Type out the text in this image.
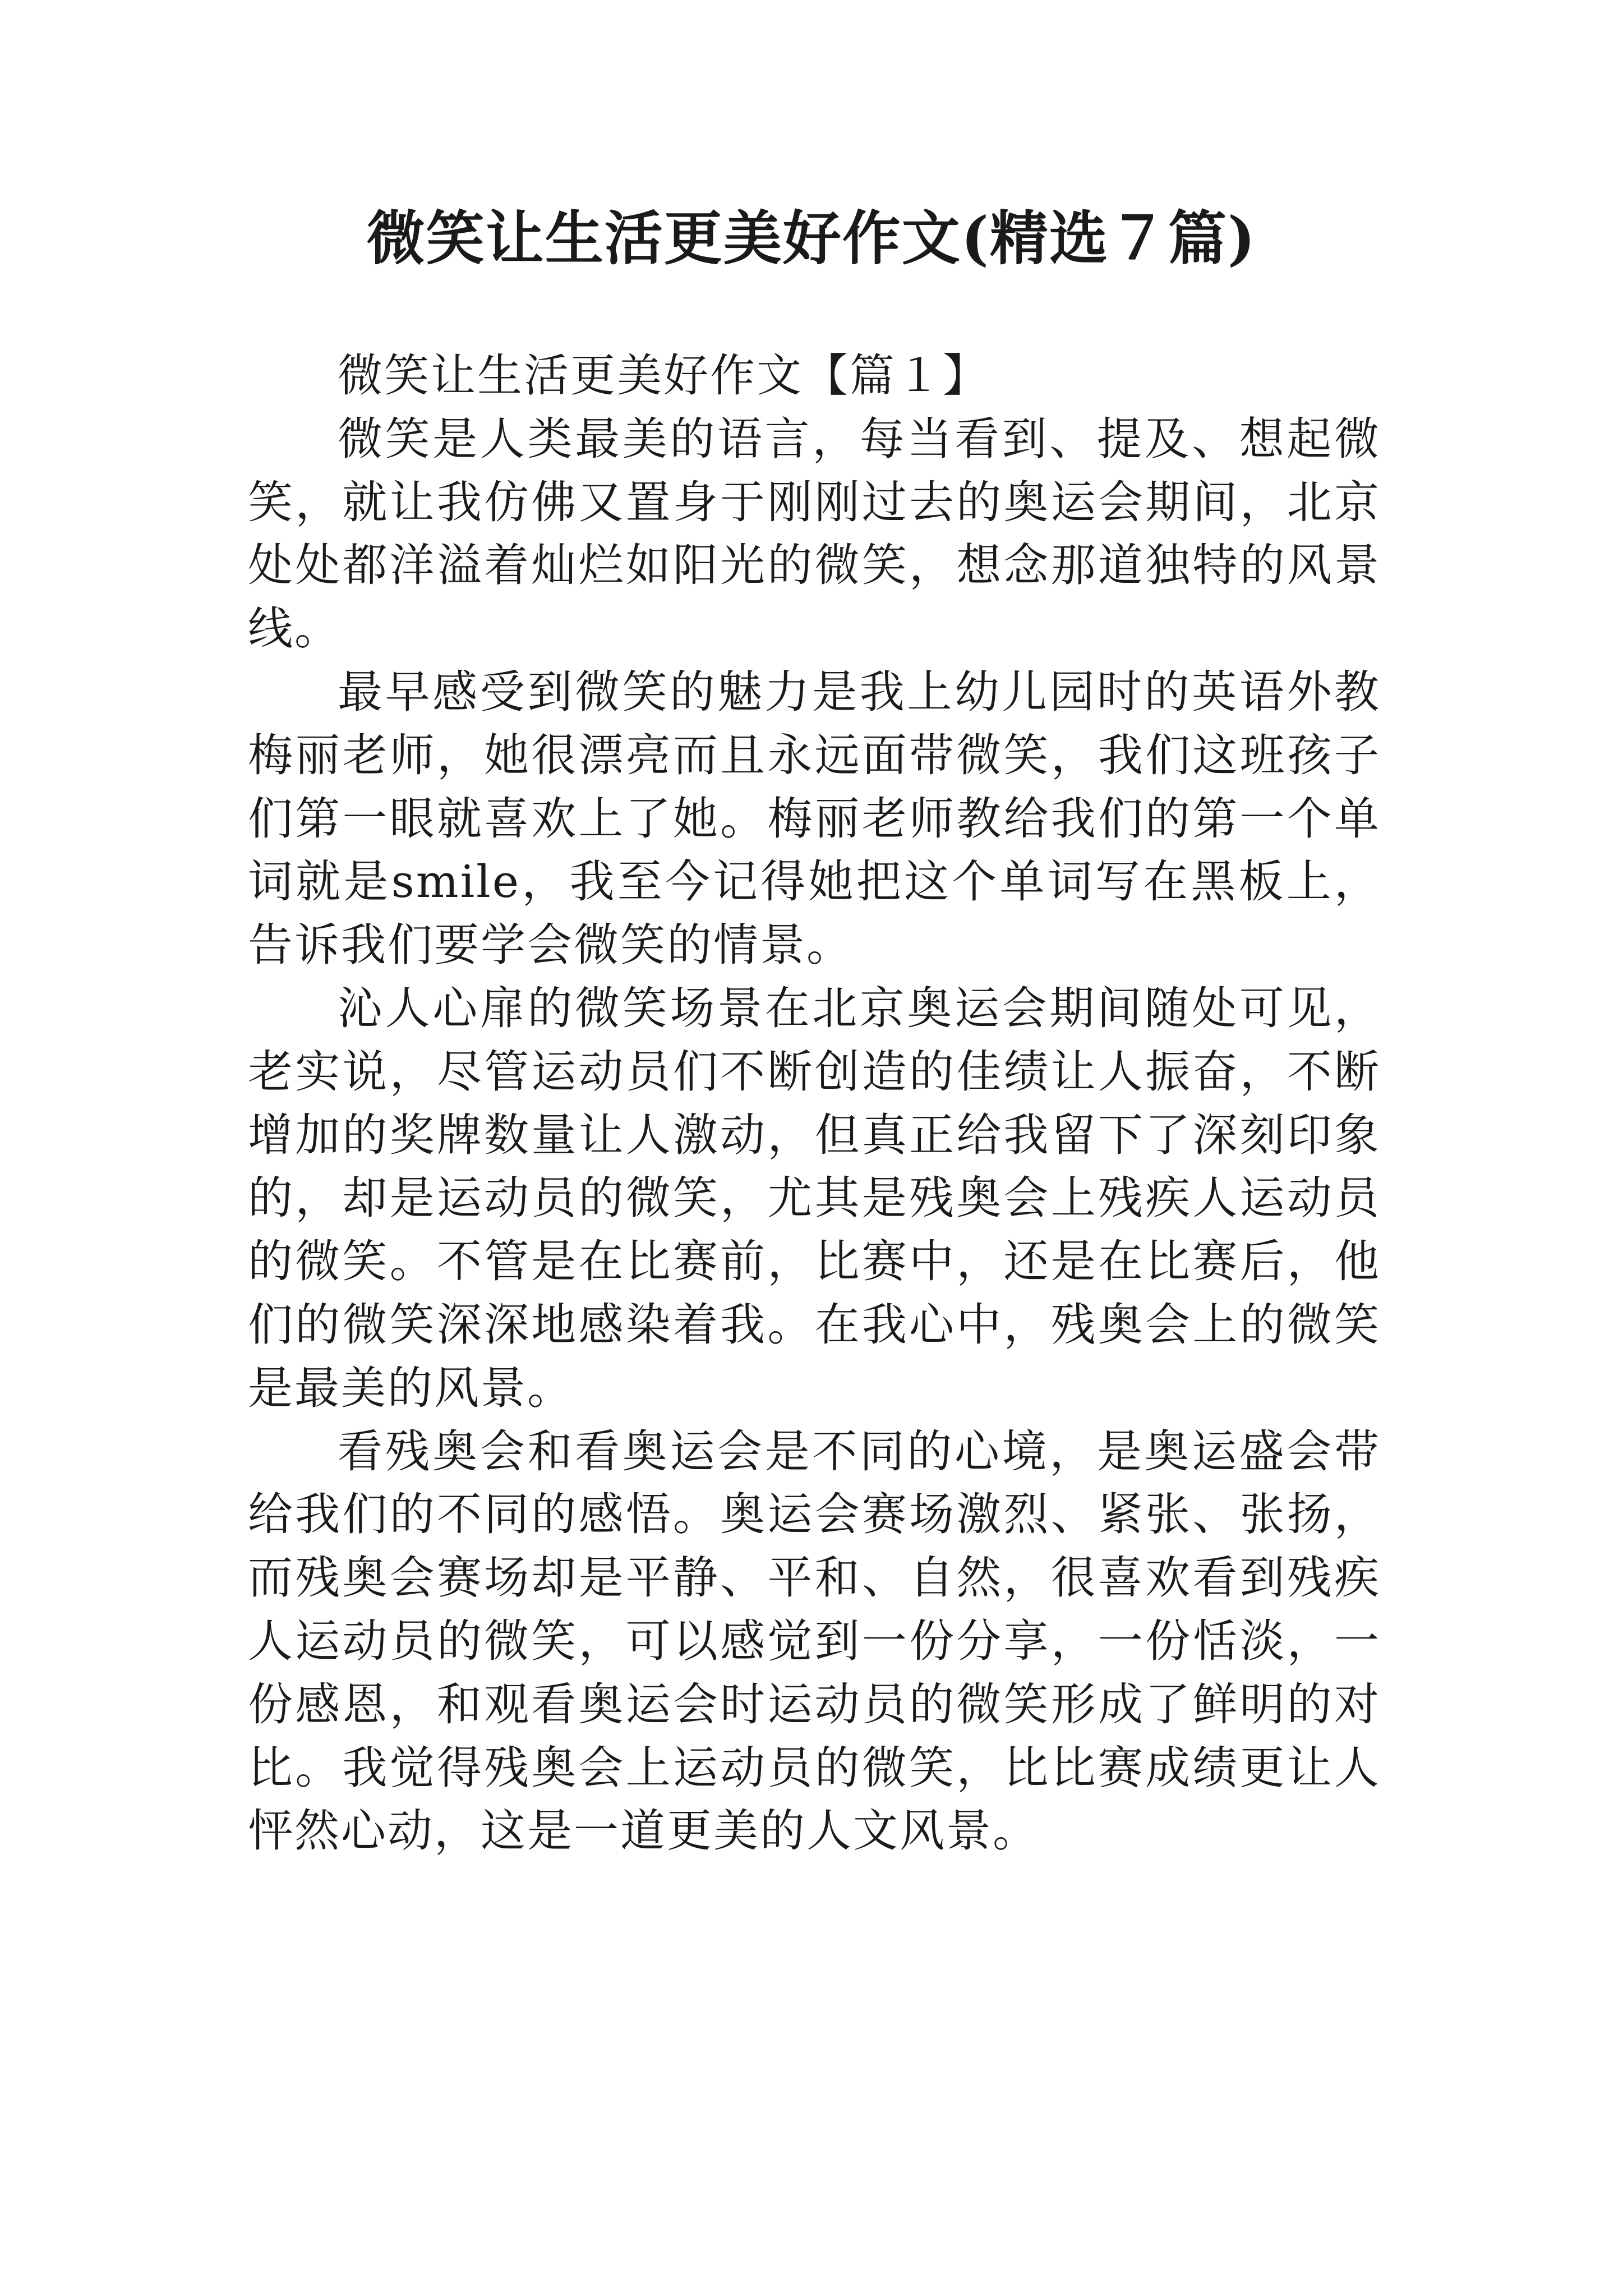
微笑让生活更美好作文(精选７篇)

微笑让生活更美好作文【篇１】

微笑是人类最美的语言，每当看到、提及、想起微笑，就让我仿佛又置身于刚刚过去的奥运会期间，北京处处都洋溢着灿烂如阳光的微笑，想念那道独特的风景线。

最早感受到微笑的魅力是我上幼儿园时的英语外教梅丽老师，她很漂亮而且永远面带微笑，我们这班孩子们第一眼就喜欢上了她。梅丽老师教给我们的第一个单词就是smile，我至今记得她把这个单词写在黑板上，告诉我们要学会微笑的情景。

沁人心扉的微笑场景在北京奥运会期间随处可见，老实说，尽管运动员们不断创造的佳绩让人振奋，不断增加的奖牌数量让人激动，但真正给我留下了深刻印象的，却是运动员的微笑，尤其是残奥会上残疾人运动员的微笑。不管是在比赛前，比赛中，还是在比赛后，他们的微笑深深地感染着我。在我心中，残奥会上的微笑是最美的风景。

看残奥会和看奥运会是不同的心境，是奥运盛会带给我们的不同的感悟。奥运会赛场激烈、紧张、张扬，而残奥会赛场却是平静、平和、自然，很喜欢看到残疾人运动员的微笑，可以感觉到一份分享，一份恬淡，一份感恩，和观看奥运会时运动员的微笑形成了鲜明的对比。我觉得残奥会上运动员的微笑，比比赛成绩更让人怦然心动，这是一道更美的人文风景。
